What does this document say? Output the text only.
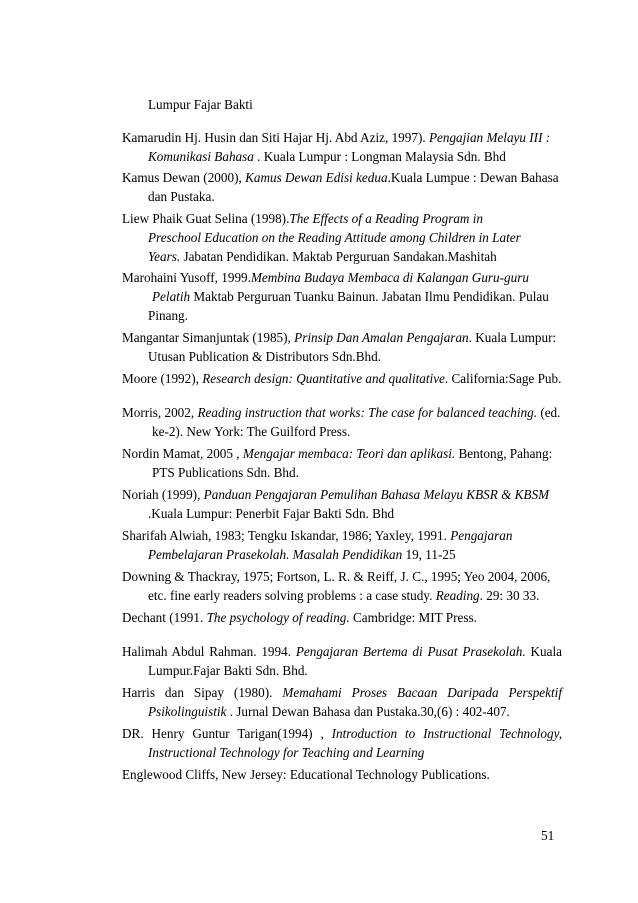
Lumpur Fajar Bakti

Kamarudin Hj. Husin dan Siti Hajar Hj. Abd Aziz, 1997). Pengajian Melayu III :
Komunikasi Bahasa . Kuala Lumpur : Longman Malaysia Sdn. Bhd

Kamus Dewan (2000), Kamus Dewan Edisi kedua.Kuala Lumpue : Dewan Bahasa
dan Pustaka.

Liew Phaik Guat Selina (1998).The Effects of a Reading Program in
Preschool Education on the Reading Attitude among Children in Later
Years. Jabatan Pendidikan. Maktab Perguruan Sandakan.Mashitah

Marohaini Yusoff, 1999.Membina Budaya Membaca di Kalangan Guru-guru
Pelatih Maktab Perguruan Tuanku Bainun. Jabatan Ilmu Pendidikan. Pulau
Pinang.

Mangantar Simanjuntak (1985), Prinsip Dan Amalan Pengajaran. Kuala Lumpur:
Utusan Publication & Distributors Sdn.Bhd.

Moore (1992), Research design: Quantitative and qualitative. California:Sage Pub.

Morris, 2002, Reading instruction that works: The case for balanced teaching. (ed.
ke-2). New York: The Guilford Press.

Nordin Mamat, 2005 , Mengajar membaca: Teori dan aplikasi. Bentong, Pahang:
PTS Publications Sdn. Bhd.

Noriah (1999), Panduan Pengajaran Pemulihan Bahasa Melayu KBSR & KBSM
.Kuala Lumpur: Penerbit Fajar Bakti Sdn. Bhd

Sharifah Alwiah, 1983; Tengku Iskandar, 1986; Yaxley, 1991. Pengajaran
Pembelajaran Prasekolah. Masalah Pendidikan 19, 11-25

Downing & Thackray, 1975; Fortson, L. R. & Reiff, J. C., 1995; Yeo 2004, 2006,
etc. fine early readers solving problems : a case study. Reading. 29: 30 33.

Dechant (1991. The psychology of reading. Cambridge: MIT Press.

Halimah Abdul Rahman. 1994. Pengajaran Bertema di Pusat Prasekolah. Kuala
Lumpur.Fajar Bakti Sdn. Bhd.

Harris dan Sipay (1980). Memahami Proses Bacaan Daripada Perspektif
Psikolinguistik . Jurnal Dewan Bahasa dan Pustaka.30,(6) : 402-407.

DR. Henry Guntur Tarigan(1994) , Introduction to Instructional Technology,
Instructional Technology for Teaching and Learning

Englewood Cliffs, New Jersey: Educational Technology Publications.

51
